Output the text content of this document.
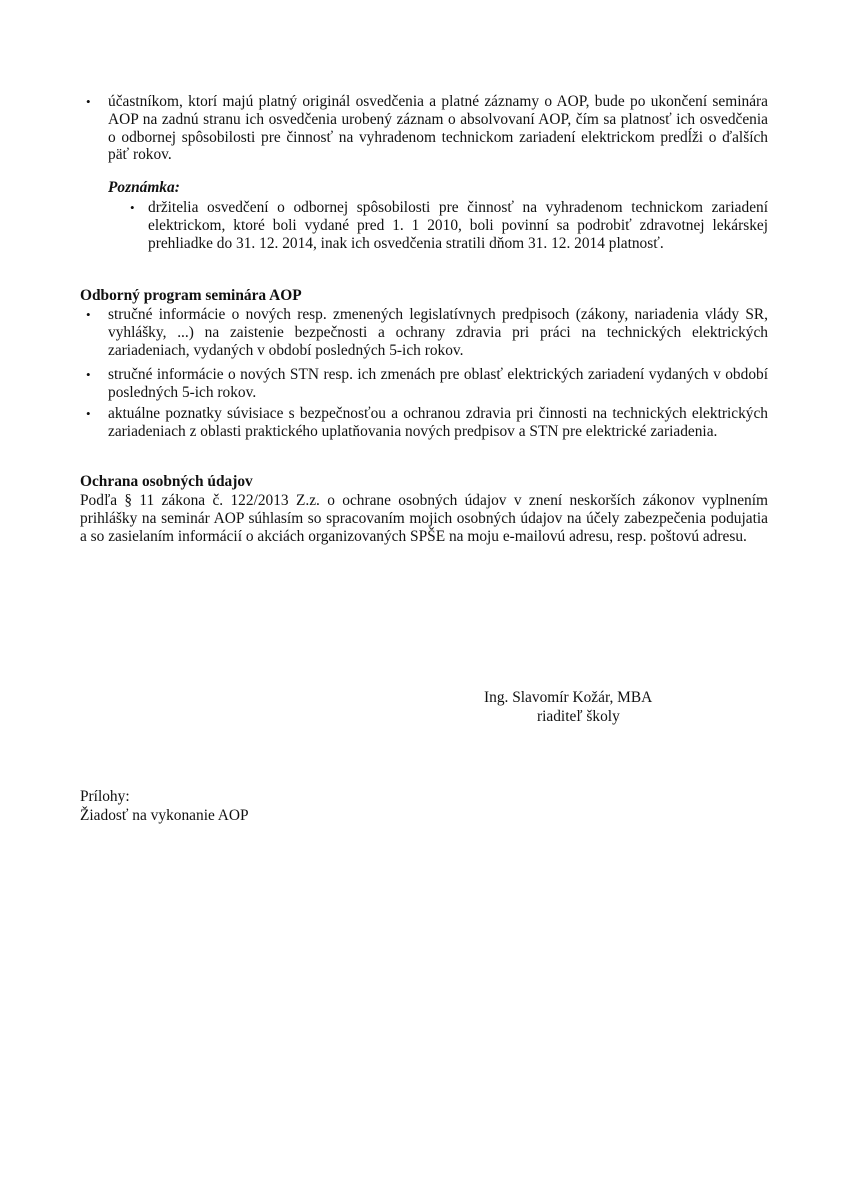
• účastníkom, ktorí majú platný originál osvedčenia a platné záznamy o AOP, bude po ukončení seminára AOP na zadnú stranu ich osvedčenia urobený záznam o absolvovaní AOP, čím sa platnosť ich osvedčenia o odbornej spôsobilosti pre činnosť na vyhradenom technickom zariadení elektrickom predĺži o ďalších päť rokov.
Poznámka:
• držitelia osvedčení o odbornej spôsobilosti pre činnosť na vyhradenom technickom zariadení elektrickom, ktoré boli vydané pred 1. 1 2010, boli povinní sa podrobiť zdravotnej lekárskej prehliadke do 31. 12. 2014, inak ich osvedčenia stratili dňom 31. 12. 2014 platnosť.
Odborný program seminára AOP
• stručné informácie o nových resp. zmenených legislatívnych predpisoch (zákony, nariadenia vlády SR, vyhlášky, ...) na zaistenie bezpečnosti a ochrany zdravia pri práci na technických elektrických zariadeniach, vydaných v období posledných 5-ich rokov.
• stručné informácie o nových STN resp. ich zmenách pre oblasť elektrických zariadení vydaných v období posledných 5-ich rokov.
• aktuálne poznatky súvisiace s bezpečnosťou a ochranou zdravia pri činnosti na technických elektrických zariadeniach z oblasti praktického uplatňovania nových predpisov a STN pre elektrické zariadenia.
Ochrana osobných údajov
Podľa § 11 zákona č. 122/2013 Z.z. o ochrane osobných údajov v znení neskorších zákonov vyplnením prihlášky na seminár AOP súhlasím so spracovaním mojich osobných údajov na účely zabezpečenia podujatia a so zasielaním informácií o akciách organizovaných SPŠE na moju e-mailovú adresu, resp. poštovú adresu.
Ing. Slavomír Kožár, MBA
riaditeľ školy
Prílohy:
Žiadosť na vykonanie AOP
